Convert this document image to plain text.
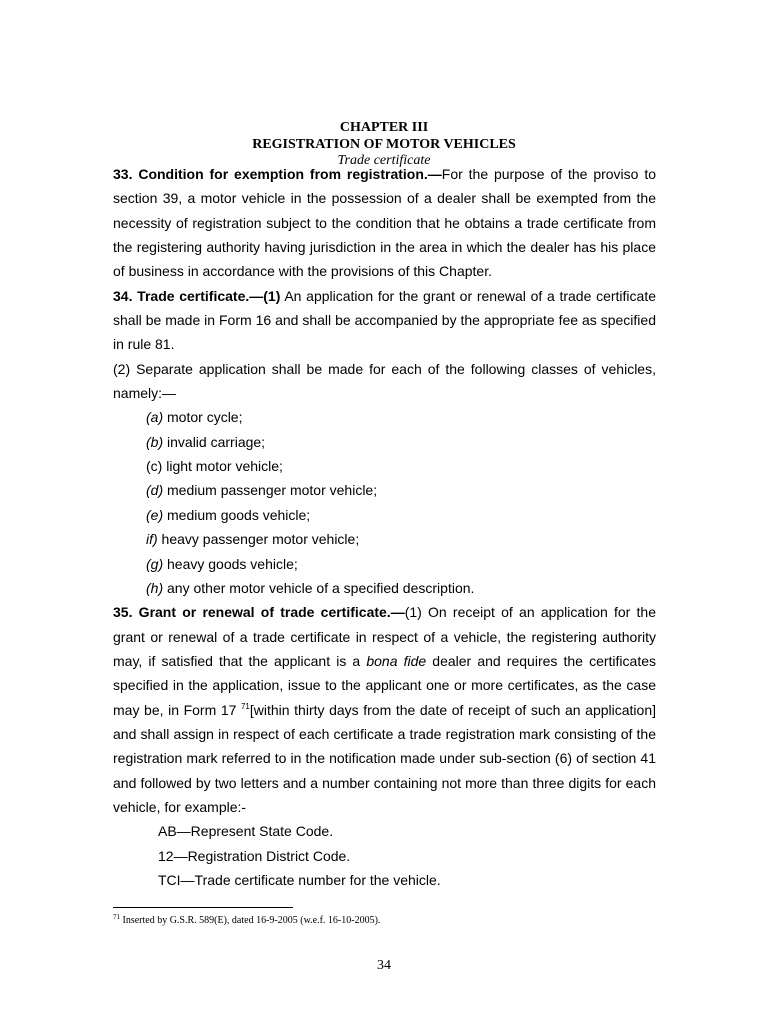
CHAPTER III
REGISTRATION OF MOTOR VEHICLES
Trade certificate

33. Condition for exemption from registration.—For the purpose of the proviso to section 39, a motor vehicle in the possession of a dealer shall be exempted from the necessity of registration subject to the condition that he obtains a trade certificate from the registering authority having jurisdiction in the area in which the dealer has his place of business in accordance with the provisions of this Chapter.

34. Trade certificate.—(1) An application for the grant or renewal of a trade certificate shall be made in Form 16 and shall be accompanied by the appropriate fee as specified in rule 81.

(2) Separate application shall be made for each of the following classes of vehicles, namely:—

(a) motor cycle;

(b) invalid carriage;

(c) light motor vehicle;

(d) medium passenger motor vehicle;

(e) medium goods vehicle;

if) heavy passenger motor vehicle;

(g) heavy goods vehicle;

(h) any other motor vehicle of a specified description.

35. Grant or renewal of trade certificate.—(1) On receipt of an application for the grant or renewal of a trade certificate in respect of a vehicle, the registering authority may, if satisfied that the applicant is a bona fide dealer and requires the certificates specified in the application, issue to the applicant one or more certificates, as the case may be, in Form 17 $^{71}$[within thirty days from the date of receipt of such an application] and shall assign in respect of each certificate a trade registration mark consisting of the registration mark referred to in the notification made under sub-section (6) of section 41 and followed by two letters and a number containing not more than three digits for each vehicle, for example:-

AB—Represent State Code.

12—Registration District Code.

TCI—Trade certificate number for the vehicle.

$^{71}$ Inserted by G.S.R. 589(E), dated 16-9-2005 (w.e.f. 16-10-2005).
34
